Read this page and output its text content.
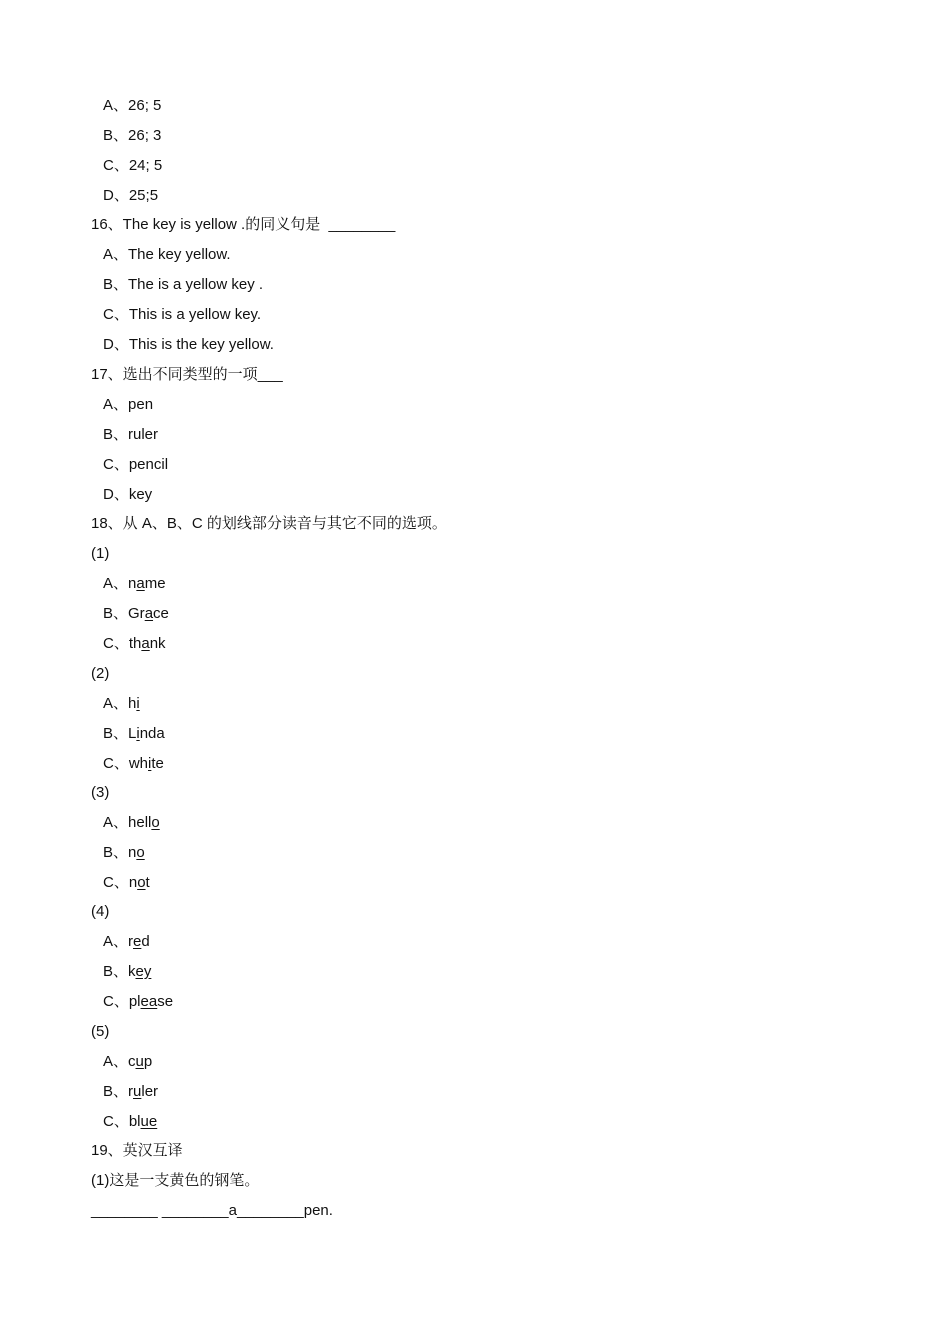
A、26; 5
B、26; 3
C、24; 5
D、25;5
16、The key is yellow .的同义句是  ________
A、The key yellow.
B、The is a yellow key .
C、This is a yellow key.
D、This is the key yellow.
17、选出不同类型的一项___
A、pen
B、ruler
C、pencil
D、key
18、从 A、B、C 的划线部分读音与其它不同的选项。
(1)
A、name
B、Grace
C、thank
(2)
A、hi
B、Linda
C、white
(3)
A、hello
B、no
C、not
(4)
A、red
B、key
C、please
(5)
A、cup
B、ruler
C、blue
19、英汉互译
(1)这是一支黄色的钢笔。
________ ________a________pen.
